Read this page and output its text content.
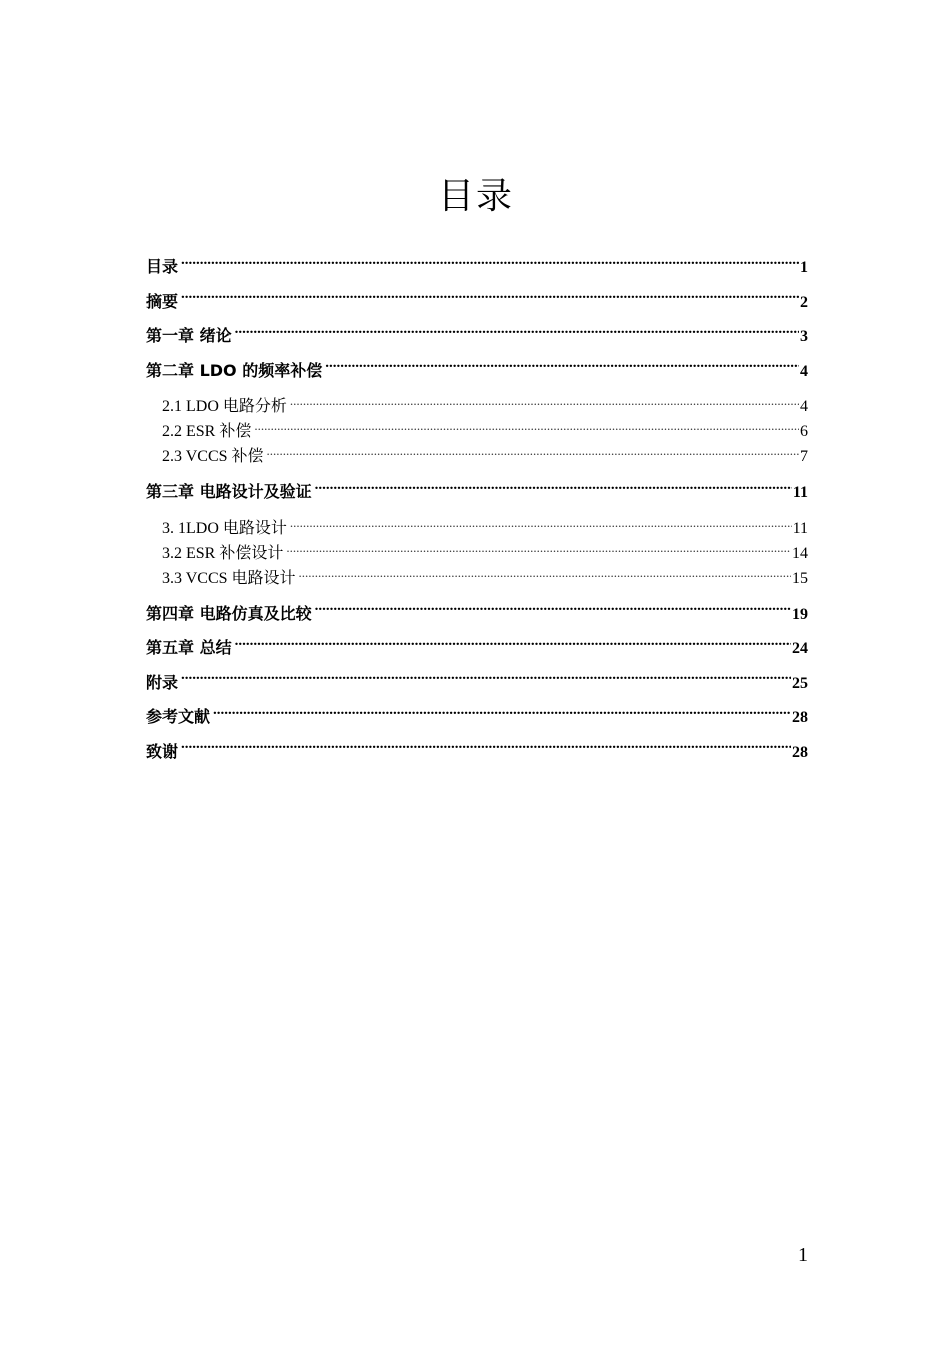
目录
目录 .....	1
摘要 .....	2
第一章 绪论 .....	3
第二章 LDO 的频率补偿 .....	4
2.1 LDO 电路分析 .....	4
2.2 ESR 补偿 .....	6
2.3 VCCS 补偿 .....	7
第三章 电路设计及验证 .....	11
3. 1LDO 电路设计 .....	11
3.2 ESR 补偿设计 .....	14
3.3 VCCS 电路设计 .....	15
第四章 电路仿真及比较 .....	19
第五章 总结 .....	24
附录 .....	25
参考文献 .....	28
致谢 .....	28
1
